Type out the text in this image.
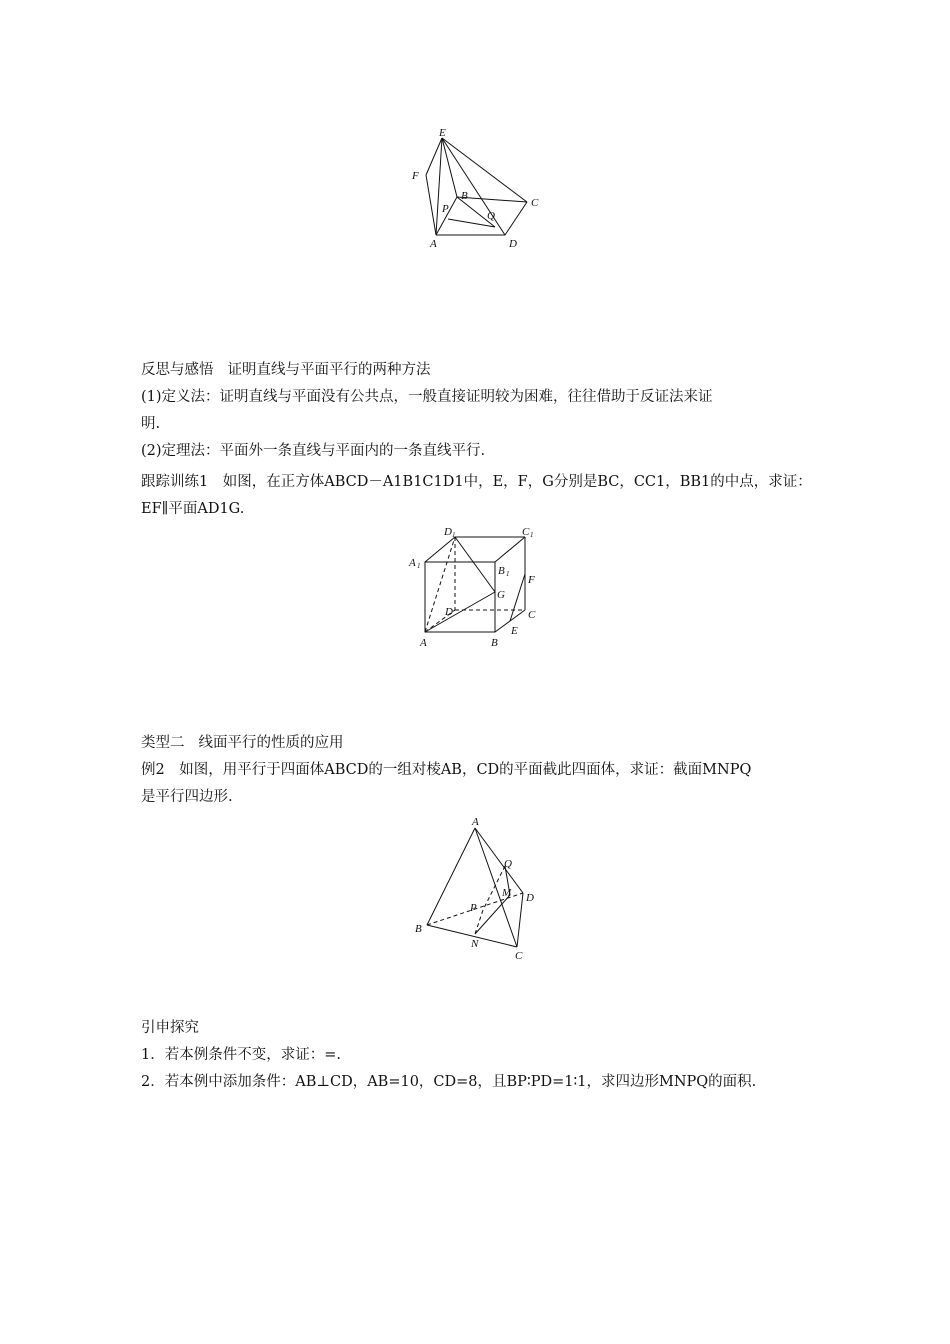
E
F
B
C
P
Q
A	D
反思与感悟 证明直线与平面平行的两种方法
(1)定义法：证明直线与平面没有公共点，一般直接证明较为困难，往往借助于反证法来证
明.
(2)定理法：平面外一条直线与平面内的一条直线平行.
跟踪训练1　如图，在正方体ABCD－A1B1C1D1中，E，F，G分别是BC，CC1，BB1的中点，求证：
EF∥平面AD1G.
D 1	C 1
A 1	B 1 F
G
D	C
E
A	B
类型二 线面平行的性质的应用
例2　如图，用平行于四面体ABCD的一组对棱AB，CD的平面截此四面体，求证：截面MNPQ
是平行四边形.
A
Q
M D
P
B
N
C
引申探究
1．若本例条件不变，求证：=.
2．若本例中添加条件：AB⊥CD，AB=10，CD=8，且BP∶PD=1∶1，求四边形MNPQ的面积.
